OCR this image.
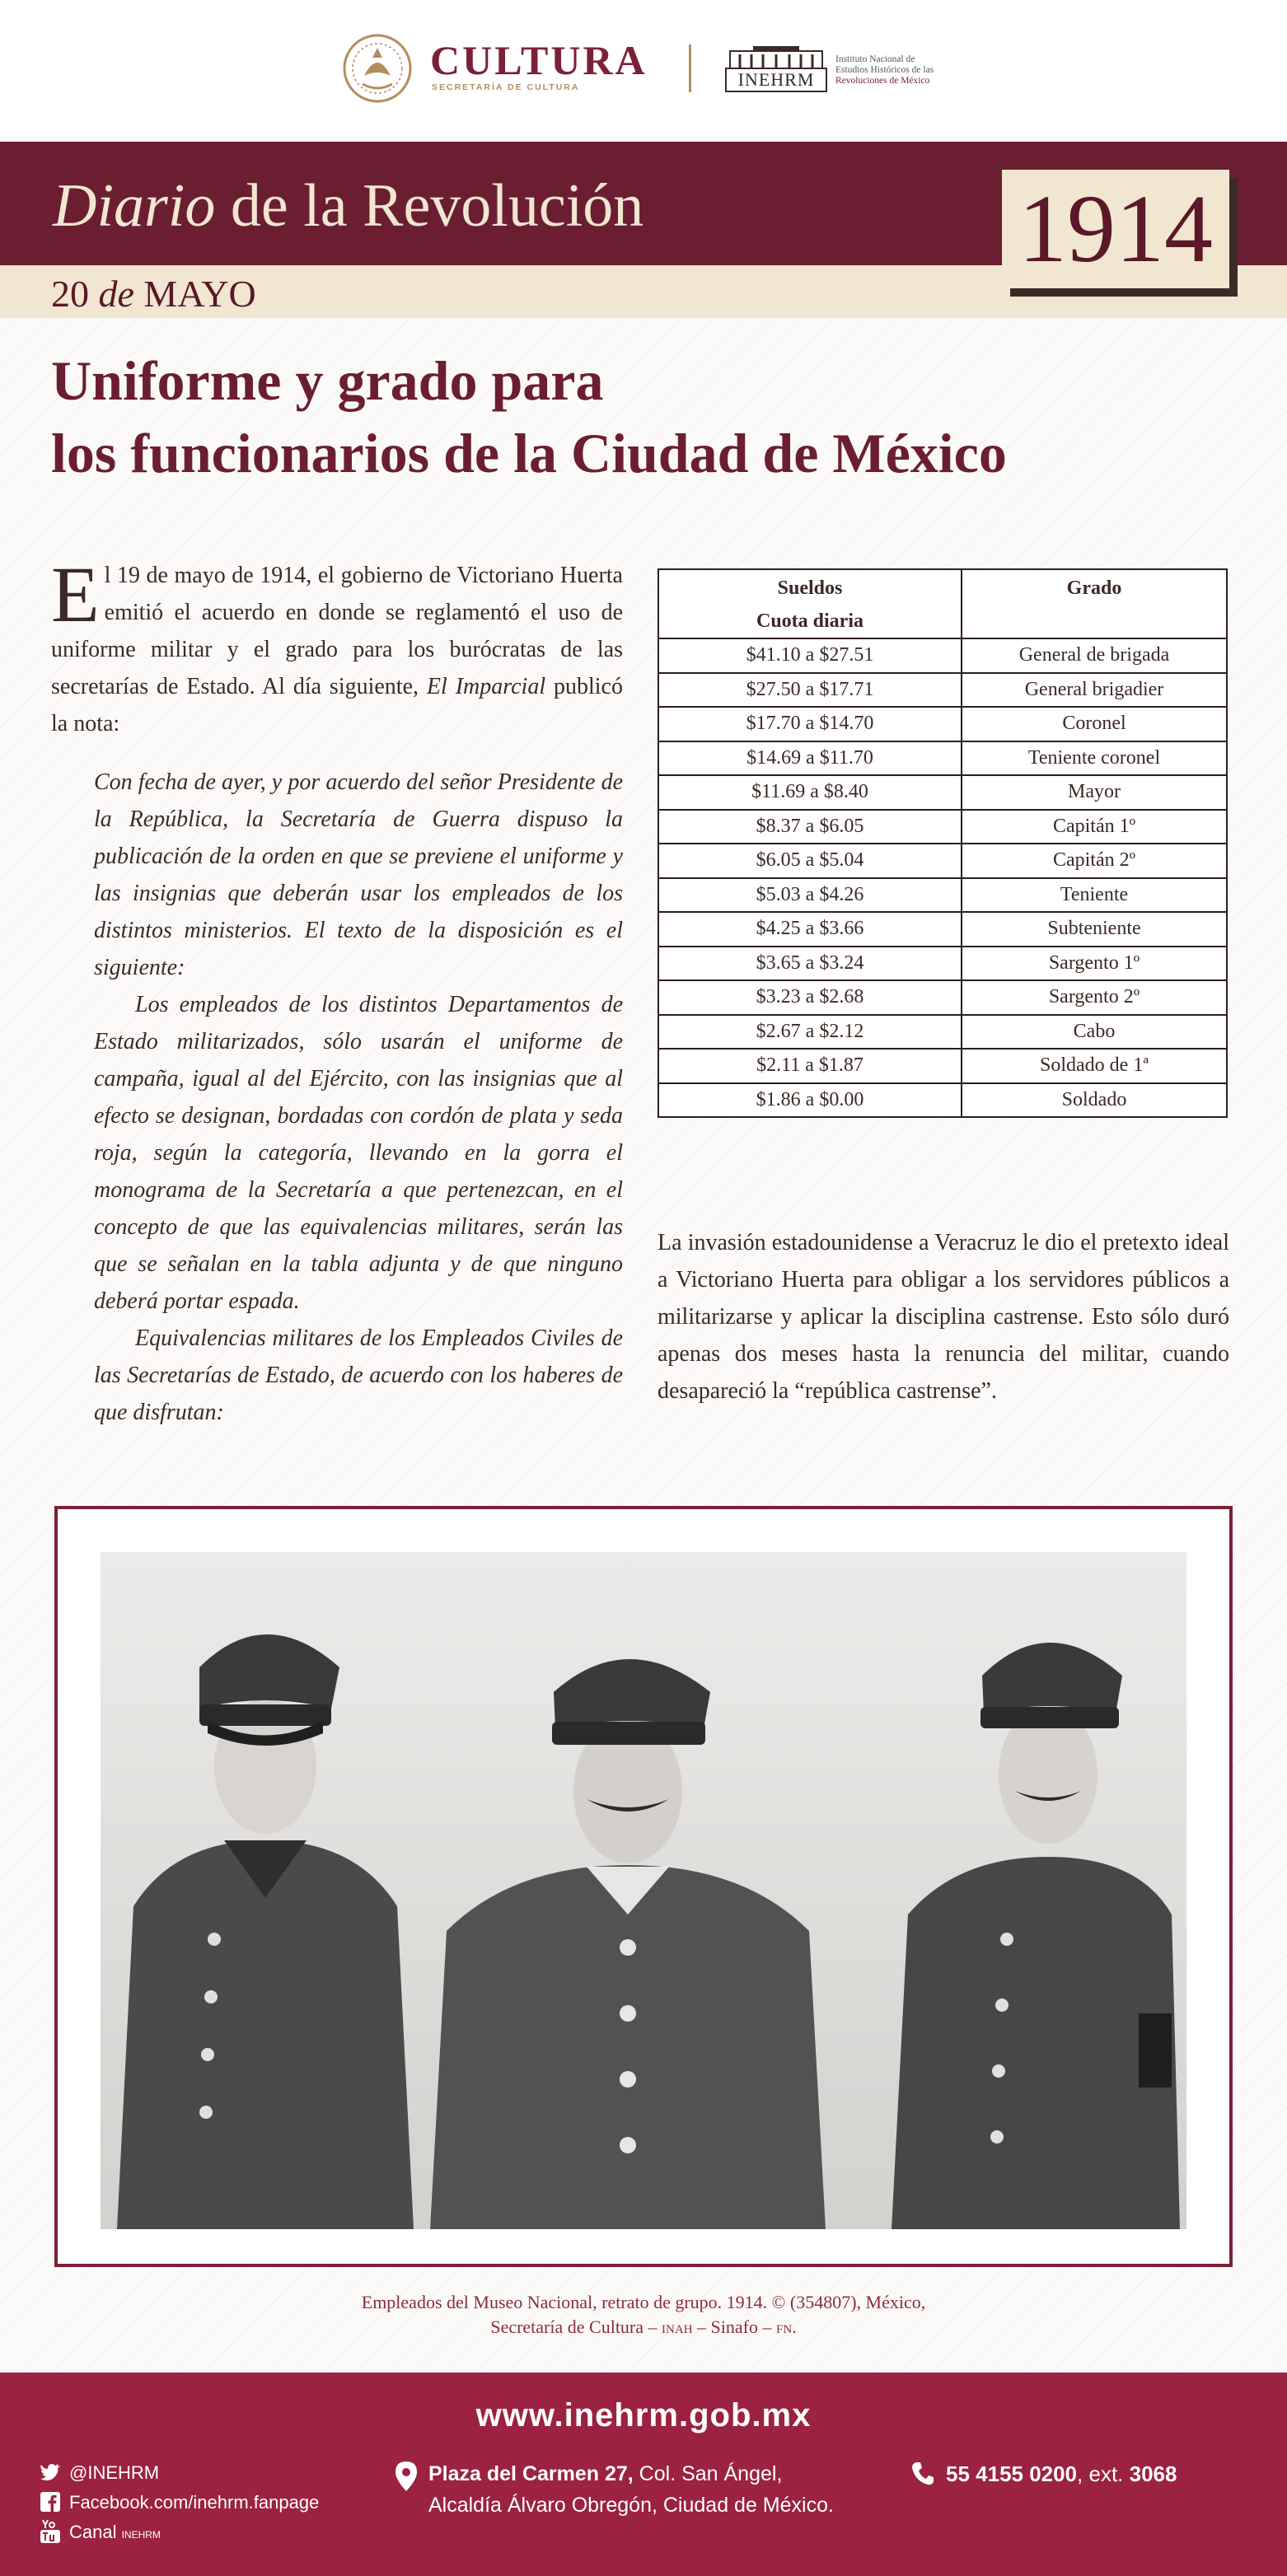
CULTURA
SECRETARÍA DE CULTURA	INEHRM
Instituto Nacional de
Estudios Históricos de las
Revoluciones de México
Diario de la Revolución
20 de MAYO
1914
Uniforme y grado para
los funcionarios de la Ciudad de México

El 19 de mayo de 1914, el gobierno de Victoriano Huerta emitió el acuerdo en donde se reglamentó el uso de uniforme militar y el grado para los burócratas de las secretarías de Estado. Al día siguiente, El Imparcial publicó la nota:

Con fecha de ayer, y por acuerdo del señor Presidente de la República, la Secretaría de Guerra dispuso la publicación de la orden en que se previene el uniforme y las insignias que deberán usar los empleados de los distintos ministerios. El texto de la disposición es el siguiente:

Los empleados de los distintos Departamentos de Estado militarizados, sólo usarán el uniforme de campaña, igual al del Ejército, con las insignias que al efecto se designan, bordadas con cordón de plata y seda roja, según la categoría, llevando en la gorra el monograma de la Secretaría a que pertenezcan, en el concepto de que las equivalencias militares, serán las que se señalan en la tabla adjunta y de que ninguno deberá portar espada.

Equivalencias militares de los Empleados Civiles de las Secretarías de Estado, de acuerdo con los haberes de que disfrutan:

Sueldos
Cuota diaria	Grado
$41.10 a $27.51	General de brigada
$27.50 a $17.71	General brigadier
$17.70 a $14.70	Coronel
$14.69 a $11.70	Teniente coronel
$11.69 a $8.40	Mayor
$8.37 a $6.05	Capitán 1º
$6.05 a $5.04	Capitán 2º
$5.03 a $4.26	Teniente
$4.25 a $3.66	Subteniente
$3.65 a $3.24	Sargento 1º
$3.23 a $2.68	Sargento 2º
$2.67 a $2.12	Cabo
$2.11 a $1.87	Soldado de 1ª
$1.86 a $0.00	Soldado

La invasión estadounidense a Veracruz le dio el pretexto ideal a Victoriano Huerta para obligar a los servidores públicos a militarizarse y aplicar la disciplina castrense. Esto sólo duró apenas dos meses hasta la renuncia del militar, cuando desapareció la “república castrense”.

Empleados del Museo Nacional, retrato de grupo. 1914. © (354807), México,
Secretaría de Cultura – inah – Sinafo – fn.
www.inehrm.gob.mx
@INEHRM
Facebook.com/inehrm.fanpage
Canal inehrm
Plaza del Carmen 27, Col. San Ángel,
Alcaldía Álvaro Obregón, Ciudad de México.
55 4155 0200, ext. 3068
